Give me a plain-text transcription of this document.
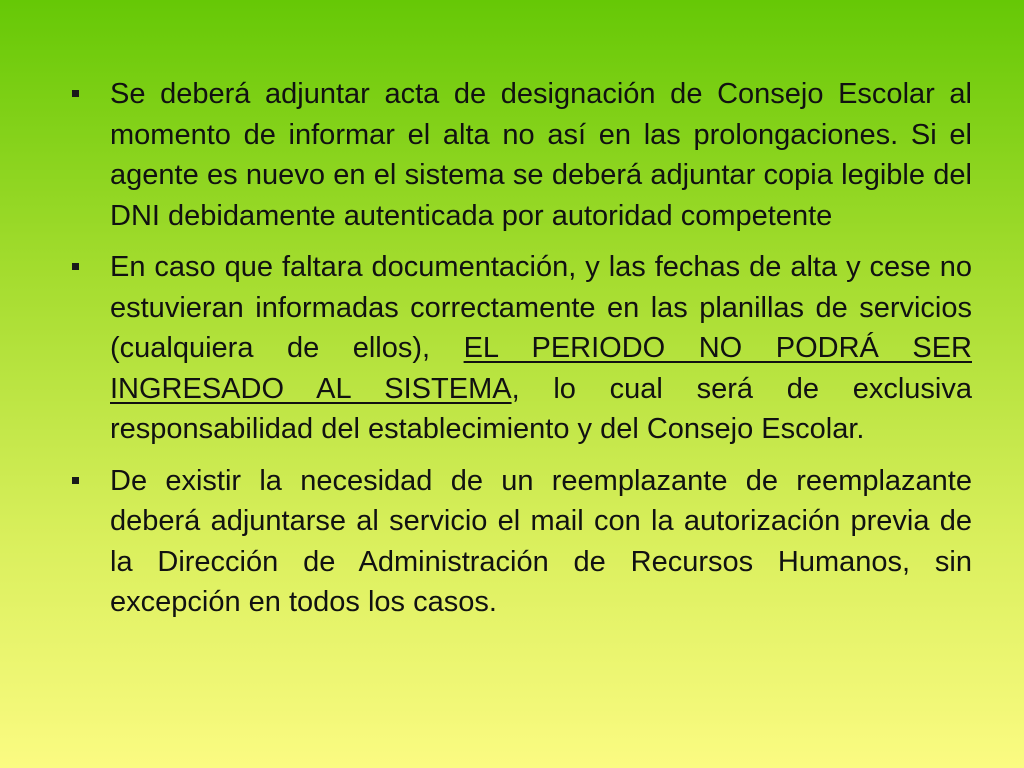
Se deberá adjuntar acta de designación de Consejo Escolar al momento de informar el alta no así en las prolongaciones. Si el agente es nuevo en el sistema se deberá adjuntar copia legible del DNI debidamente autenticada por autoridad competente
En caso que faltara documentación, y las fechas de alta y cese no estuvieran informadas correctamente en las planillas de servicios (cualquiera de ellos), EL PERIODO NO PODRÁ SER INGRESADO AL SISTEMA, lo cual será de exclusiva responsabilidad del establecimiento y del Consejo Escolar.
De existir la necesidad de un reemplazante de reemplazante deberá adjuntarse al servicio el mail con la autorización previa de la Dirección de Administración de Recursos Humanos, sin excepción en todos los casos.
